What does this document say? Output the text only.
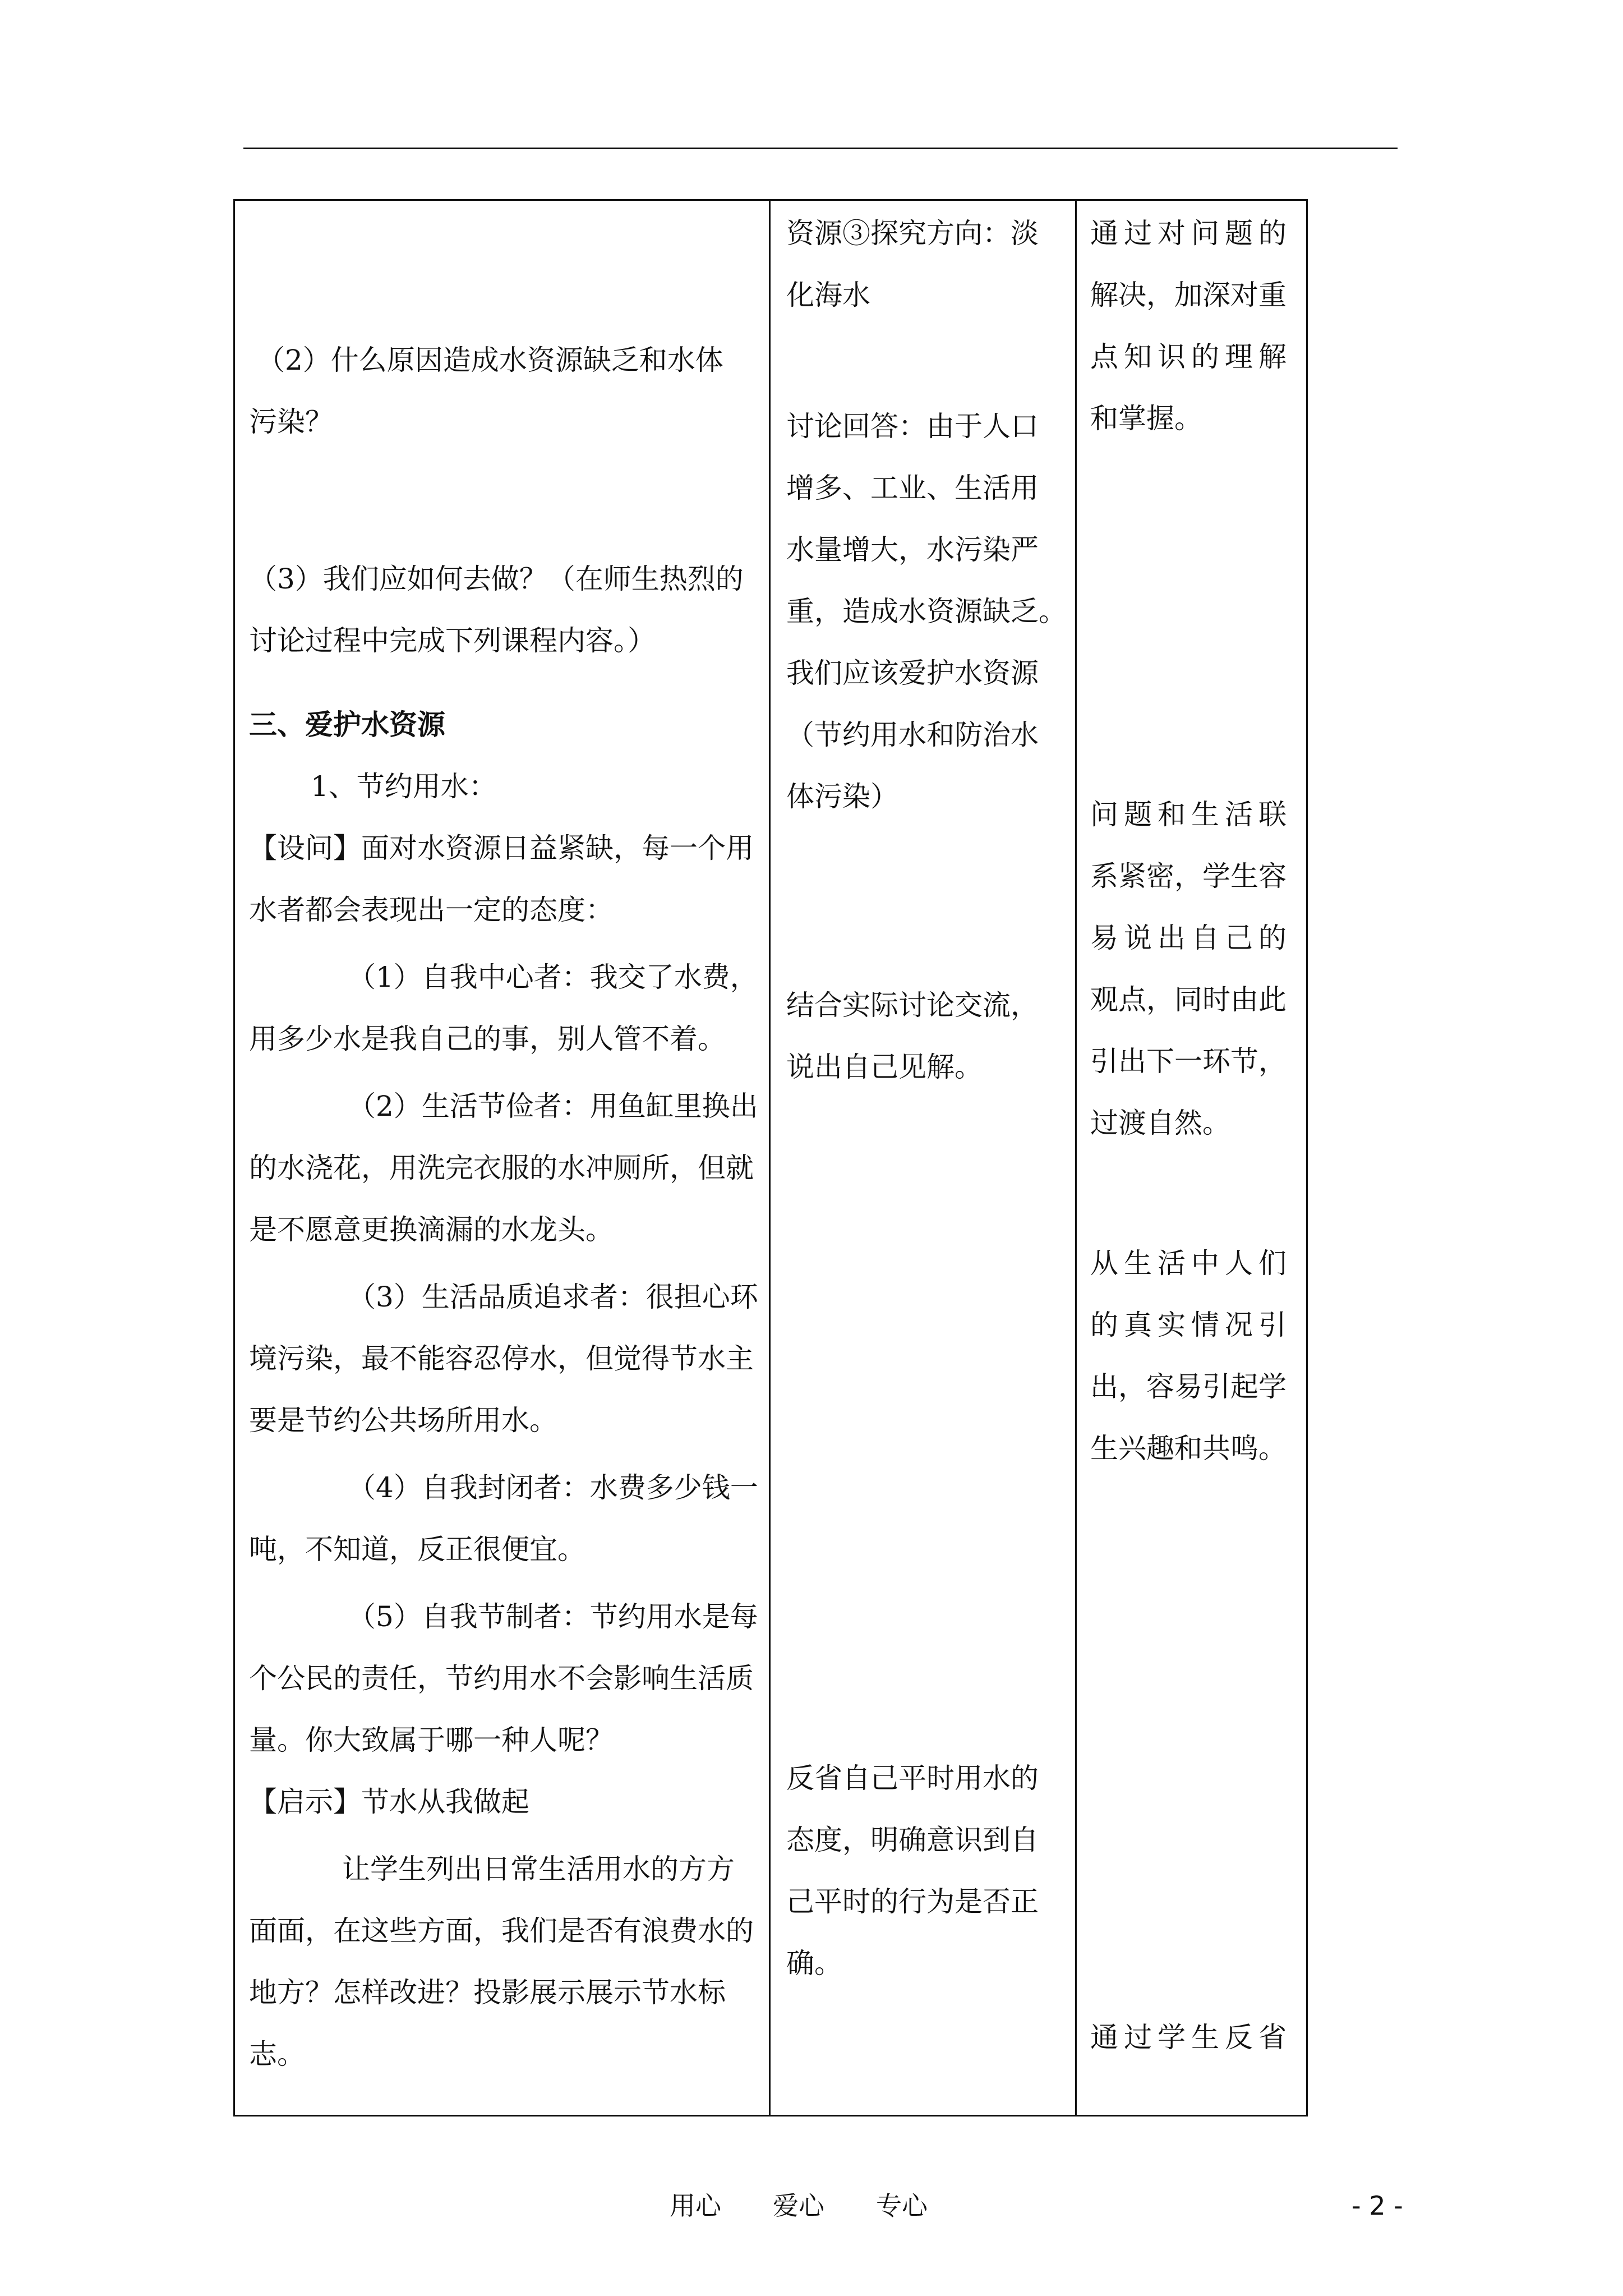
（2）什么原因造成水资源缺乏和水体
污染？
（3）我们应如何去做？（在师生热烈的
讨论过程中完成下列课程内容。）
三、爱护水资源
1、节约用水：
【设问】面对水资源日益紧缺，每一个用
水者都会表现出一定的态度：
（1）自我中心者：我交了水费，
用多少水是我自己的事，别人管不着。
（2）生活节俭者：用鱼缸里换出
的水浇花，用洗完衣服的水冲厕所，但就
是不愿意更换滴漏的水龙头。
（3）生活品质追求者：很担心环
境污染，最不能容忍停水，但觉得节水主
要是节约公共场所用水。
（4）自我封闭者：水费多少钱一
吨，不知道，反正很便宜。
（5）自我节制者：节约用水是每
个公民的责任，节约用水不会影响生活质
量。你大致属于哪一种人呢？
【启示】节水从我做起
让学生列出日常生活用水的方方
面面，在这些方面，我们是否有浪费水的
地方？怎样改进？投影展示展示节水标
志。
资源③探究方向：淡
化海水
讨论回答：由于人口
增多、工业、生活用
水量增大，水污染严
重，造成水资源缺乏。
我们应该爱护水资源
（节约用水和防治水
体污染）
结合实际讨论交流，
说出自己见解。
反省自己平时用水的
态度，明确意识到自
己平时的行为是否正
确。
通过对问题的
解决，加深对重
点知识的理解
和掌握。
问题和生活联
系紧密，学生容
易说出自己的
观点，同时由此
引出下一环节，
过渡自然。
从生活中人们
的真实情况引
出，容易引起学
生兴趣和共鸣。
通过学生反省
用心　　爱心　　专心	- 2 -
